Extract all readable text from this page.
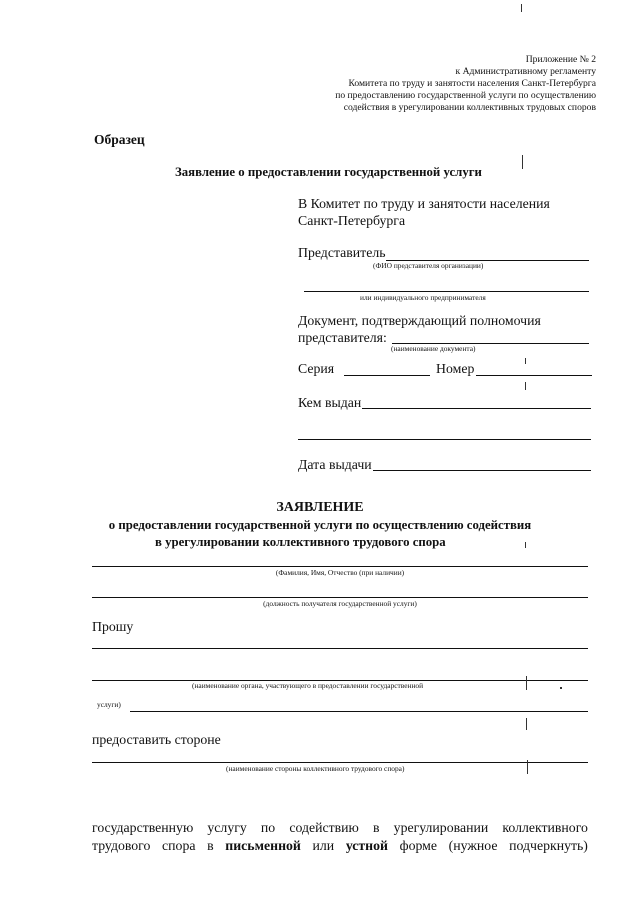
Приложение № 2
к Административному регламенту
Комитета по труду и занятости населения Санкт-Петербурга
по предоставлению государственной услуги по осуществлению
содействия в урегулировании коллективных трудовых споров
Образец
Заявление о предоставлении государственной услуги
В Комитет по труду и занятости населения
Санкт-Петербурга
Представитель
(ФИО представителя организации)
или индивидуального предпринимателя
Документ, подтверждающий полномочия
представителя:
(наименование документа)
Серия	Номер
Кем выдан
Дата выдачи
ЗАЯВЛЕНИЕ
о предоставлении государственной услуги по осуществлению содействия
в урегулировании коллективного трудового спора
(Фамилия, Имя, Отчество (при наличии)
(должность получателя государственной услуги)
Прошу
(наименование органа, участвующего в предоставлении государственной
услуги)
предоставить стороне
(наименование стороны коллективного трудового спора)
государственную услугу по содействию в урегулировании коллективного
трудового спора в письменной или устной форме (нужное подчеркнуть)
